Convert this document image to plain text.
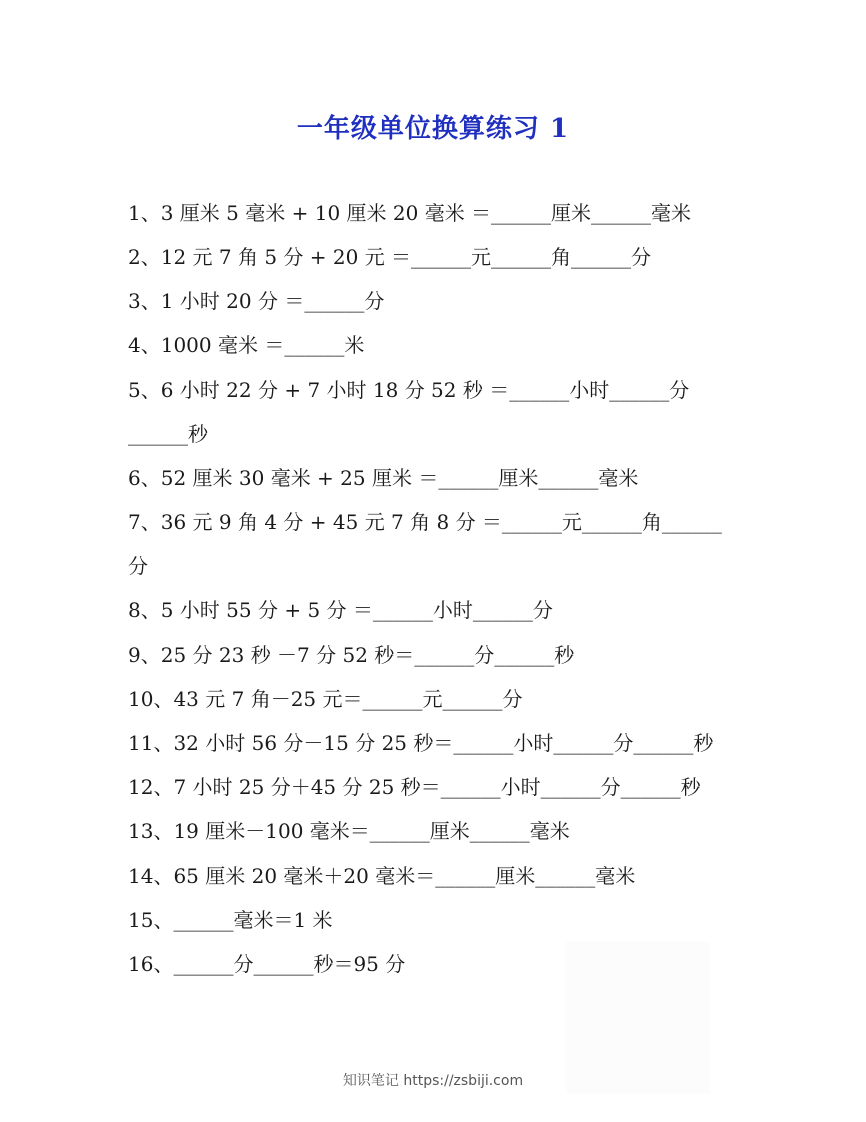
一年级单位换算练习 1
1、3 厘米 5 毫米 + 10 厘米 20 毫米 ＝______厘米______毫米
2、12 元 7 角 5 分 + 20 元 ＝______元______角______分
3、1 小时 20 分 ＝______分
4、1000 毫米 ＝______米
5、6 小时 22 分 + 7 小时 18 分 52 秒 ＝______小时______分
______秒
6、52 厘米 30 毫米 + 25 厘米 ＝______厘米______毫米
7、36 元 9 角 4 分 + 45 元 7 角 8 分 ＝______元______角______
分
8、5 小时 55 分 + 5 分 ＝______小时______分
9、25 分 23 秒 －7 分 52 秒＝______分______秒
10、43 元 7 角－25 元＝______元______分
11、32 小时 56 分－15 分 25 秒＝______小时______分______秒
12、7 小时 25 分＋45 分 25 秒＝______小时______分______秒
13、19 厘米－100 毫米＝______厘米______毫米
14、65 厘米 20 毫米＋20 毫米＝______厘米______毫米
15、______毫米＝1 米
16、______分______秒＝95 分
知识笔记 https://zsbiji.com
